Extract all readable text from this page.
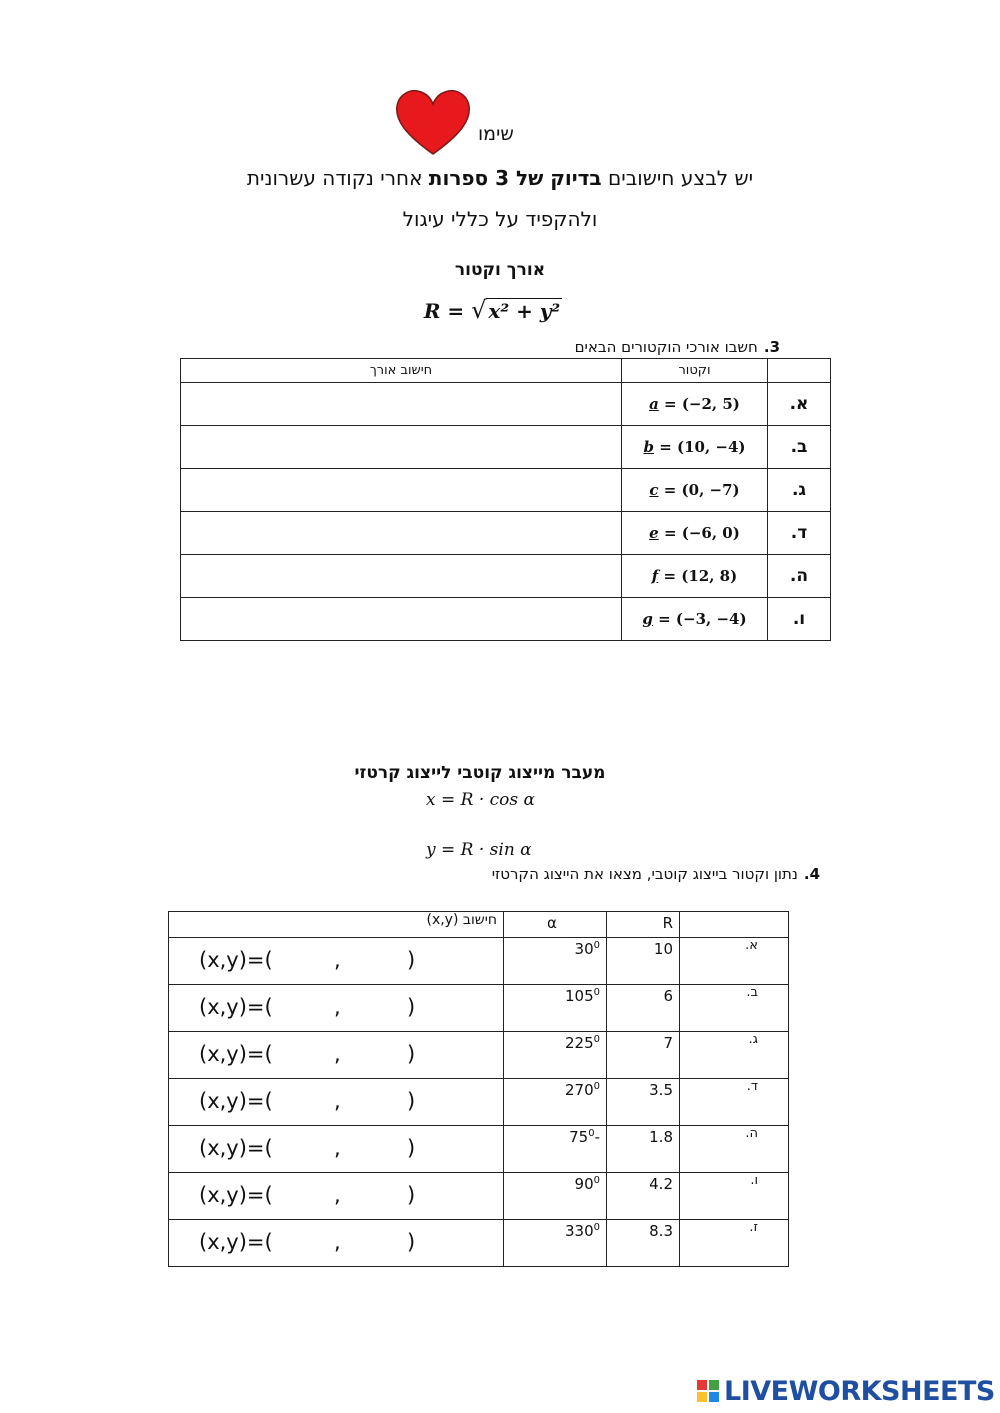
שימו
יש לבצע חישובים בדיוק של 3 ספרות אחרי נקודה עשרונית
ולהקפיד על כללי עיגול
אורך וקטור
R = √ x² + y²
3.חשבו אורכי הוקטורים הבאים
	וקטור	חישוב אורך
א.	a = (−2, 5)	
ב.	b = (10, −4)	
ג.	c = (0, −7)	
ד.	e = (−6, 0)	
ה.	f = (12, 8)	
ו.	g = (−3, −4)	
מעבר מייצוג קוטבי לייצוג קרטזי
x = R · cos α
y = R · sin α
4.נתון וקטור בייצוג קוטבי, מצאו את הייצוג הקרטזי
	R	α	חישוב (x,y)
א.	10	$30^0$	(x,y)=( , )

ב.	6	$105^0$	(x,y)=( , )

ג.	7	$225^0$	(x,y)=( , )

ד.	3.5	$270^0$	(x,y)=( , )

ה.	1.8	$-75^0$	(x,y)=( , )

ו.	4.2	$90^0$	(x,y)=( , )

ז.	8.3	$330^0$	(x,y)=( , )
LIVEWORKSHEETS
